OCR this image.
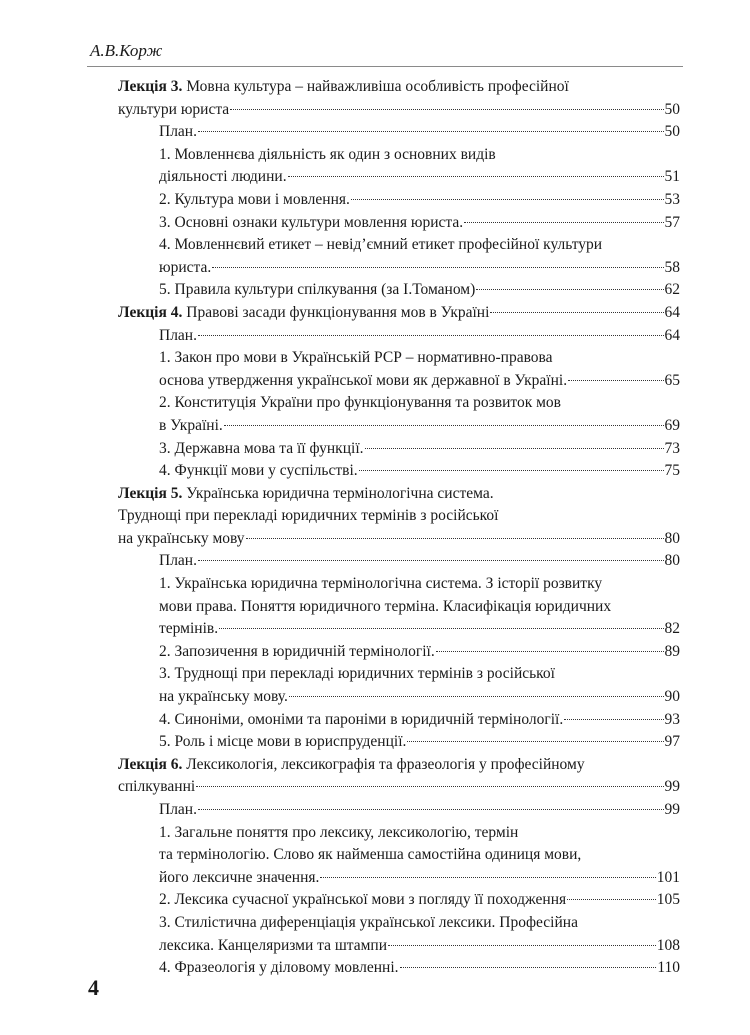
А.В.Корж
Лекція 3.
Мовна культура – найважливіша особливість професійної
культури юриста	50
План.	50
1. Мовленнєва діяльність як один з основних видів
діяльності людини.	51
2. Культура мови і мовлення.	53
3. Основні ознаки культури мовлення юриста.	57
4. Мовленнєвий етикет – невід’ємний етикет професійної культури
юриста.	58
5. Правила культури спілкування (за І.Томаном)	62
Лекція 4.
Правові засади функціонування мов в Україні	64
План.	64
1. Закон про мови в Українській РСР – нормативно-правова
основа утвердження української мови як державної в Україні.	65
2. Конституція України про функціонування та розвиток мов
в Україні.	69
3. Державна мова та її функції.	73
4. Функції мови у суспільстві.	75
Лекція 5.
Українська юридична термінологічна система.
Труднощі при перекладі юридичних термінів з російської
на українську мову	80
План.	80
1. Українська юридична термінологічна система. З історії розвитку
мови права. Поняття юридичного терміна. Класифікація юридичних
термінів.	82
2. Запозичення в юридичній термінології.	89
3. Труднощі при перекладі юридичних термінів з російської
на українську мову.	90
4. Синоніми, омоніми та пароніми в юридичній термінології.	93
5. Роль і місце мови в юриспруденції.	97
Лекція 6.
Лексикологія, лексикографія та фразеологія у професійному
спілкуванні	99
План.	99
1. Загальне поняття про лексику, лексикологію, термін
та термінологію. Слово як найменша самостійна одиниця мови,
його лексичне значення.	101
2. Лексика сучасної української мови з погляду її походження	105
3. Стилістична диференціація української лексики. Професійна
лексика. Канцеляризми та штампи	108
4. Фразеологія у діловому мовленні.	110
4
